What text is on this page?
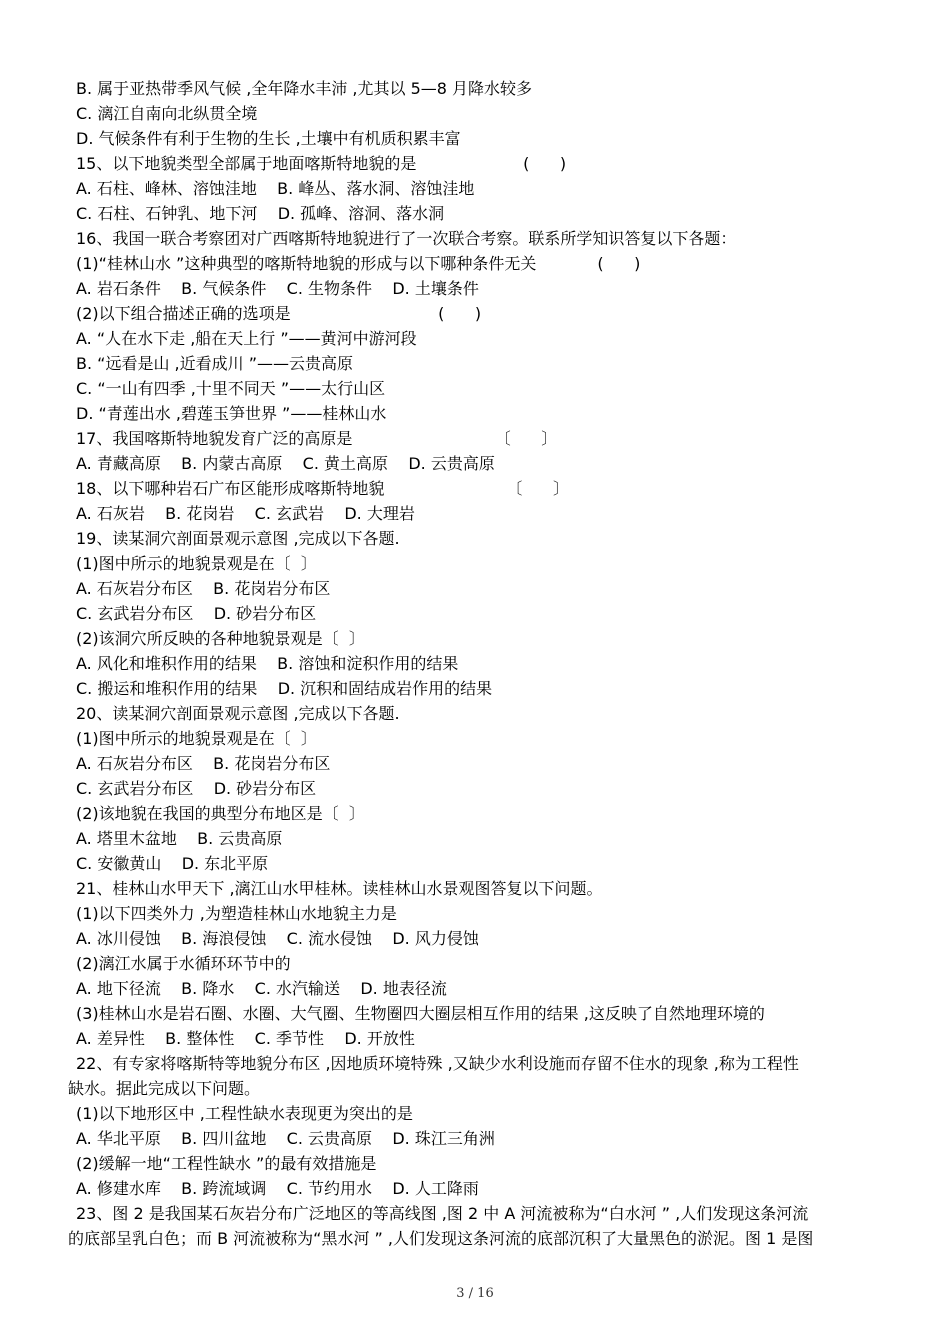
B. 属于亚热带季风气候 ,全年降水丰沛 ,尤其以 5—8 月降水较多
C. 漓江自南向北纵贯全境
D. 气候条件有利于生物的生长 ,土壤中有机质积累丰富
15、以下地貌类型全部属于地面喀斯特地貌的是                     (      )
A. 石柱、峰林、溶蚀洼地    B. 峰丛、落水洞、溶蚀洼地
C. 石柱、石钟乳、地下河    D. 孤峰、溶洞、落水洞
16、我国一联合考察团对广西喀斯特地貌进行了一次联合考察。联系所学知识答复以下各题：
(1)“桂林山水 ”这种典型的喀斯特地貌的形成与以下哪种条件无关            (      )
A. 岩石条件    B. 气候条件    C. 生物条件    D. 土壤条件
(2)以下组合描述正确的选项是                             (      )
A. “人在水下走 ,船在天上行 ”——黄河中游河段
B. “远看是山 ,近看成川 ”——云贵高原
C. “一山有四季 ,十里不同天 ”——太行山区
D. “青莲出水 ,碧莲玉笋世界 ”——桂林山水
17、我国喀斯特地貌发育广泛的高原是                            〔      〕
A. 青藏高原    B. 内蒙古高原    C. 黄土高原    D. 云贵高原
18、以下哪种岩石广布区能形成喀斯特地貌                        〔      〕
A. 石灰岩    B. 花岗岩    C. 玄武岩    D. 大理岩
19、读某洞穴剖面景观示意图 ,完成以下各题.
(1)图中所示的地貌景观是在〔  〕
A. 石灰岩分布区    B. 花岗岩分布区
C. 玄武岩分布区    D. 砂岩分布区
(2)该洞穴所反映的各种地貌景观是〔  〕
A. 风化和堆积作用的结果    B. 溶蚀和淀积作用的结果
C. 搬运和堆积作用的结果    D. 沉积和固结成岩作用的结果
20、读某洞穴剖面景观示意图 ,完成以下各题.
(1)图中所示的地貌景观是在〔  〕
A. 石灰岩分布区    B. 花岗岩分布区
C. 玄武岩分布区    D. 砂岩分布区
(2)该地貌在我国的典型分布地区是〔  〕
A. 塔里木盆地    B. 云贵高原
C. 安徽黄山    D. 东北平原
21、桂林山水甲天下 ,漓江山水甲桂林。读桂林山水景观图答复以下问题。
(1)以下四类外力 ,为塑造桂林山水地貌主力是
A. 冰川侵蚀    B. 海浪侵蚀    C. 流水侵蚀    D. 风力侵蚀
(2)漓江水属于水循环环节中的
A. 地下径流    B. 降水    C. 水汽输送    D. 地表径流
(3)桂林山水是岩石圈、水圈、大气圈、生物圈四大圈层相互作用的结果 ,这反映了自然地理环境的
A. 差异性    B. 整体性    C. 季节性    D. 开放性
22、有专家将喀斯特等地貌分布区 ,因地质环境特殊 ,又缺少水利设施而存留不住水的现象 ,称为工程性
缺水。据此完成以下问题。
(1)以下地形区中 ,工程性缺水表现更为突出的是
A. 华北平原    B. 四川盆地    C. 云贵高原    D. 珠江三角洲
(2)缓解一地“工程性缺水 ”的最有效措施是
A. 修建水库    B. 跨流域调    C. 节约用水    D. 人工降雨
23、图 2 是我国某石灰岩分布广泛地区的等高线图 ,图 2 中 A 河流被称为“白水河 ” ,人们发现这条河流
的底部呈乳白色；而 B 河流被称为“黑水河 ” ,人们发现这条河流的底部沉积了大量黑色的淤泥。图 1 是图
3 / 16
